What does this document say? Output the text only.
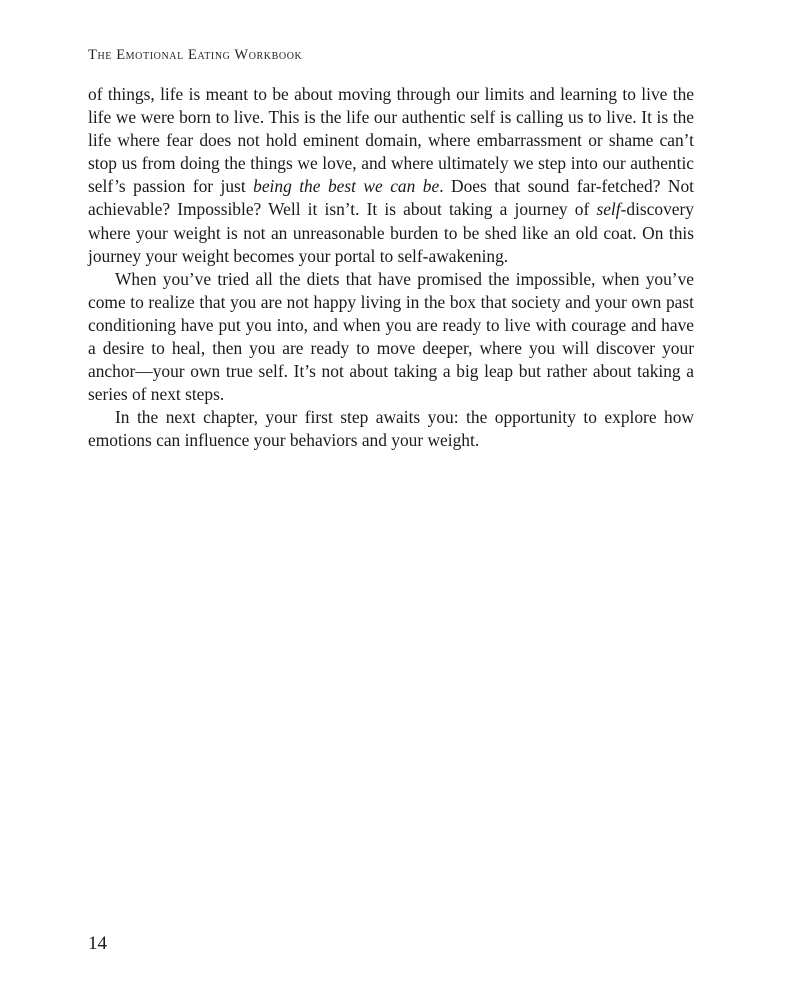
The Emotional Eating Workbook

of things, life is meant to be about moving through our limits and learning to live the life we were born to live. This is the life our authentic self is calling us to live. It is the life where fear does not hold eminent domain, where embarrassment or shame can’t stop us from doing the things we love, and where ultimately we step into our authentic self’s passion for just being the best we can be. Does that sound far-fetched? Not achievable? Impossible? Well it isn’t. It is about taking a journey of self-discovery where your weight is not an unreasonable burden to be shed like an old coat. On this journey your weight becomes your portal to self-awakening.

When you’ve tried all the diets that have promised the impossible, when you’ve come to realize that you are not happy living in the box that society and your own past conditioning have put you into, and when you are ready to live with courage and have a desire to heal, then you are ready to move deeper, where you will discover your anchor—your own true self. It’s not about taking a big leap but rather about taking a series of next steps.

In the next chapter, your first step awaits you: the opportunity to explore how emotions can influence your behaviors and your weight.

14
